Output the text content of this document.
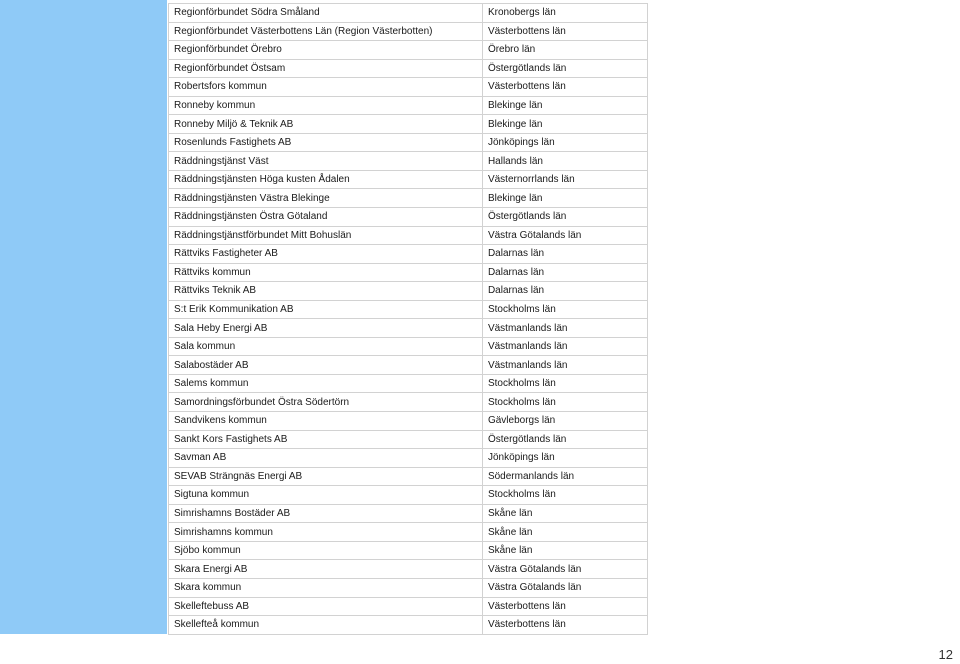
Regionförbundet Södra Småland	Kronobergs län
Regionförbundet Västerbottens Län (Region Västerbotten)	Västerbottens län
Regionförbundet Örebro	Örebro län
Regionförbundet Östsam	Östergötlands län
Robertsfors kommun	Västerbottens län
Ronneby kommun	Blekinge län
Ronneby Miljö & Teknik AB	Blekinge län
Rosenlunds Fastighets AB	Jönköpings län
Räddningstjänst Väst	Hallands län
Räddningstjänsten Höga kusten Ådalen	Västernorrlands län
Räddningstjänsten Västra Blekinge	Blekinge län
Räddningstjänsten Östra Götaland	Östergötlands län
Räddningstjänstförbundet Mitt Bohuslän	Västra Götalands län
Rättviks Fastigheter AB	Dalarnas län
Rättviks kommun	Dalarnas län
Rättviks Teknik AB	Dalarnas län
S:t Erik Kommunikation AB	Stockholms län
Sala Heby Energi AB	Västmanlands län
Sala kommun	Västmanlands län
Salabostäder AB	Västmanlands län
Salems kommun	Stockholms län
Samordningsförbundet Östra Södertörn	Stockholms län
Sandvikens kommun	Gävleborgs län
Sankt Kors Fastighets AB	Östergötlands län
Savman AB	Jönköpings län
SEVAB Strängnäs Energi AB	Södermanlands län
Sigtuna kommun	Stockholms län
Simrishamns Bostäder AB	Skåne län
Simrishamns kommun	Skåne län
Sjöbo kommun	Skåne län
Skara Energi AB	Västra Götalands län
Skara kommun	Västra Götalands län
Skelleftebuss AB	Västerbottens län
Skellefteå kommun	Västerbottens län
12
